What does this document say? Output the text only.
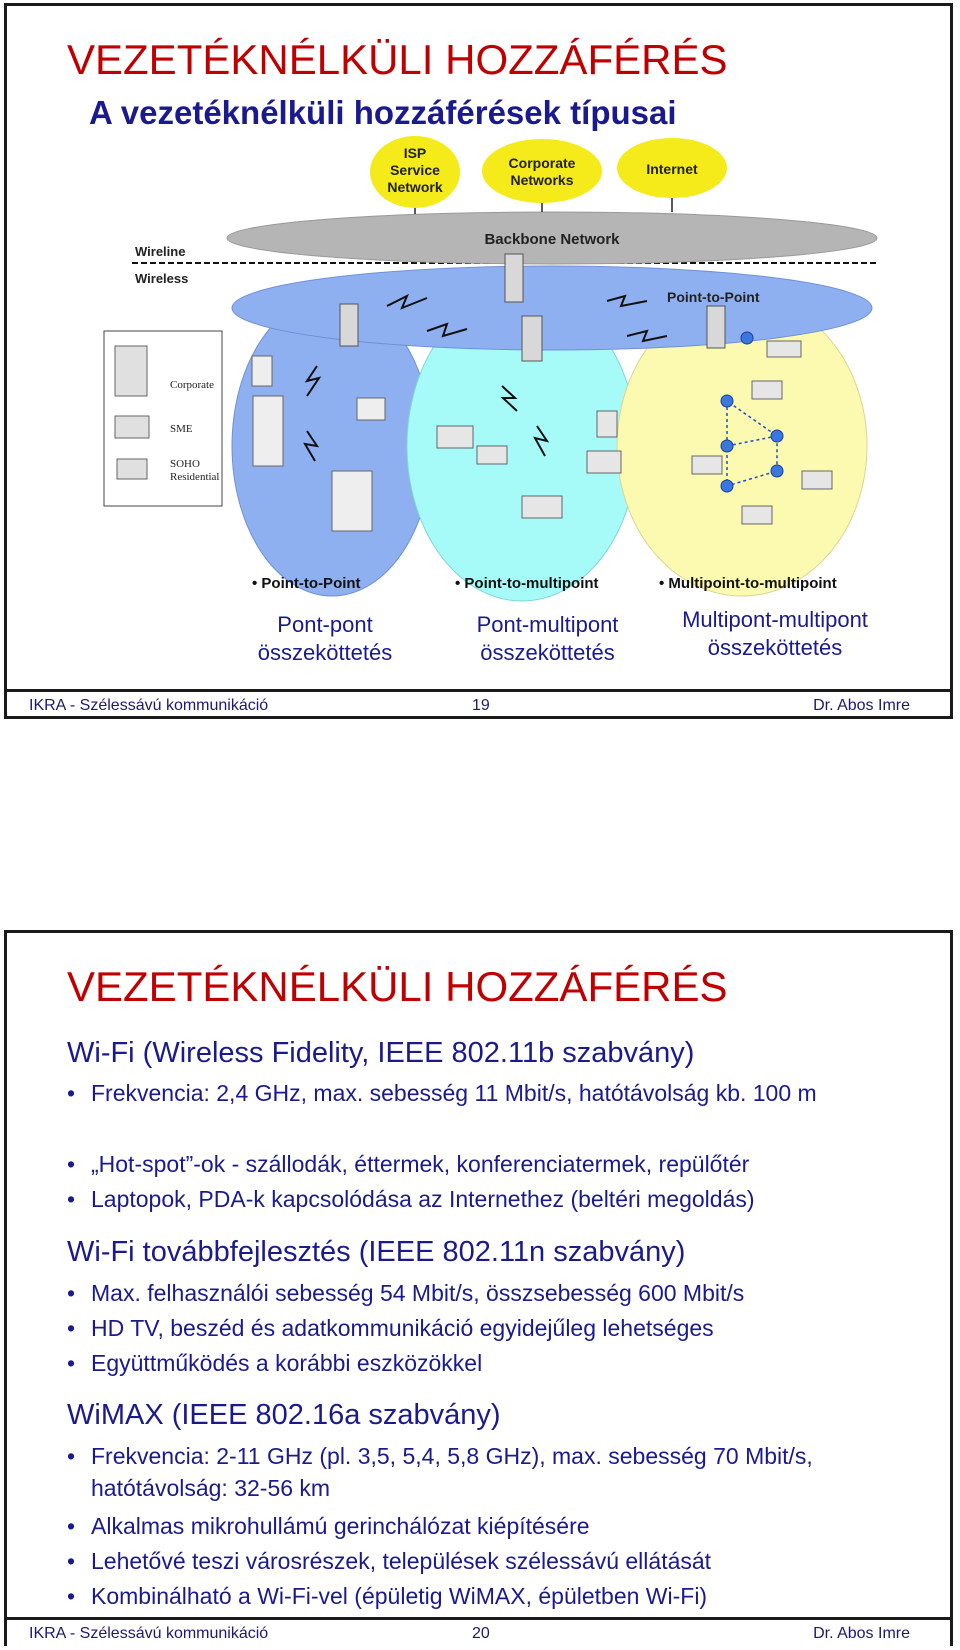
VEZETÉKNÉLKÜLI HOZZÁFÉRÉS
A vezetéknélküli hozzáférések típusai
Backbone Network
ISP
Service
Network
Corporate
Networks
Internet
Wireline
Wireless
Point-to-Point
Corporate
SME
SOHO
Residential
• Point-to-Point	• Point-to-multipoint	• Multipoint-to-multipoint
Pont-pont
összeköttetés
Pont-multipont
összeköttetés
Multipont-multipont
összeköttetés
IKRA - Szélessávú kommunikáció	19	Dr. Abos Imre
VEZETÉKNÉLKÜLI HOZZÁFÉRÉS
Wi-Fi (Wireless Fidelity, IEEE 802.11b szabvány)
• Frekvencia: 2,4 GHz, max. sebesség 11 Mbit/s, hatótávolság kb. 100 m
• „Hot-spot”-ok - szállodák, éttermek, konferenciatermek, repülőtér
• Laptopok, PDA-k kapcsolódása az Internethez (beltéri megoldás)
Wi-Fi továbbfejlesztés (IEEE 802.11n szabvány)
• Max. felhasználói sebesség 54 Mbit/s, összsebesség 600 Mbit/s
• HD TV, beszéd és adatkommunikáció egyidejűleg lehetséges
• Együttműködés a korábbi eszközökkel
WiMAX (IEEE 802.16a szabvány)
• Frekvencia: 2-11 GHz (pl. 3,5, 5,4, 5,8 GHz), max. sebesség 70 Mbit/s, hatótávolság: 32-56 km
• Alkalmas mikrohullámú gerinchálózat kiépítésére
• Lehetővé teszi városrészek, települések szélessávú ellátását
• Kombinálható a Wi-Fi-vel (épületig WiMAX, épületben Wi-Fi)
IKRA - Szélessávú kommunikáció	20	Dr. Abos Imre
